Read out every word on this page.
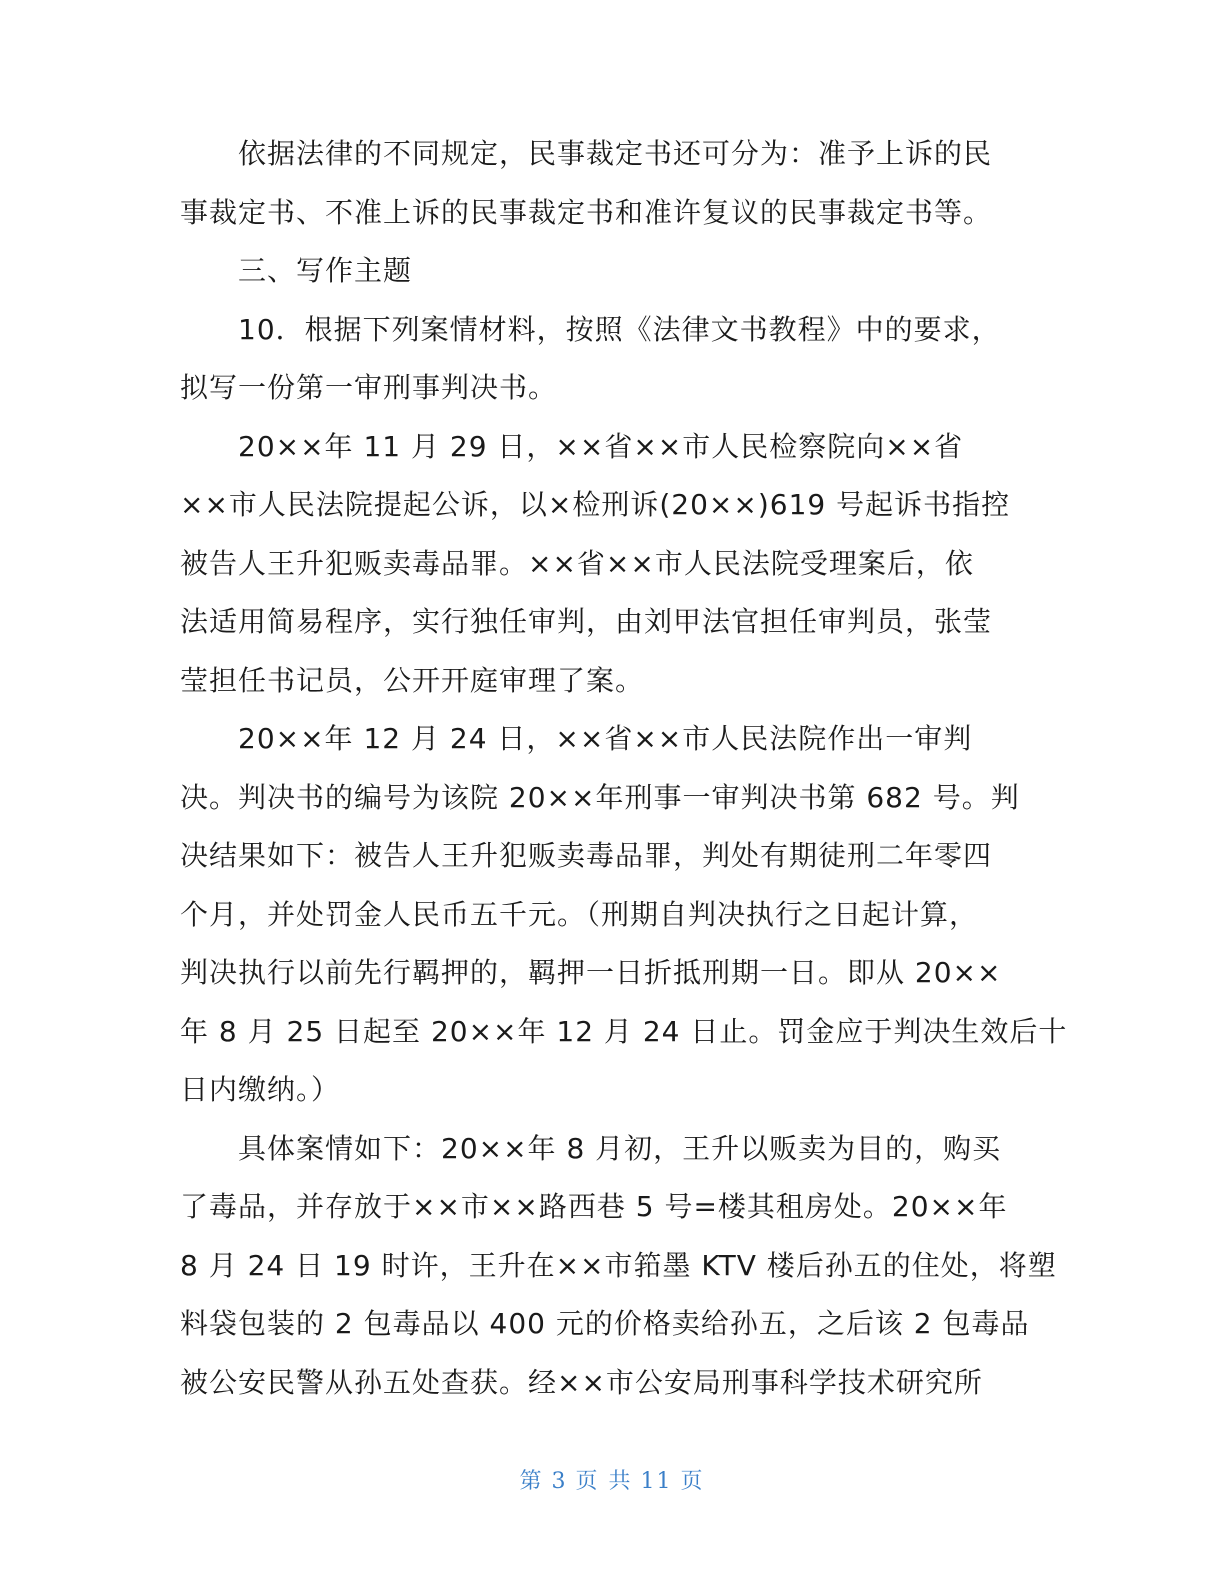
依据法律的不同规定，民事裁定书还可分为：准予上诉的民
事裁定书、不准上诉的民事裁定书和准许复议的民事裁定书等。

三、写作主题

10．根据下列案情材料，按照《法律文书教程》中的要求，
拟写一份第一审刑事判决书。

20××年 11 月 29 日，××省××市人民检察院向××省
××市人民法院提起公诉，以×检刑诉(20××)619 号起诉书指控
被告人王升犯贩卖毒品罪。××省××市人民法院受理案后，依
法适用简易程序，实行独任审判，由刘甲法官担任审判员，张莹
莹担任书记员，公开开庭审理了案。

20××年 12 月 24 日，××省××市人民法院作出一审判
决。判决书的编号为该院 20××年刑事一审判决书第 682 号。判
决结果如下：被告人王升犯贩卖毒品罪，判处有期徒刑二年零四
个月，并处罚金人民币五千元。（刑期自判决执行之日起计算，
判决执行以前先行羁押的，羁押一日折抵刑期一日。即从 20××
年 8 月 25 日起至 20××年 12 月 24 日止。罚金应于判决生效后十
日内缴纳。）

具体案情如下：20××年 8 月初，王升以贩卖为目的，购买
了毒品，并存放于××市××路西巷 5 号=楼其租房处。20××年
8 月 24 日 19 时许，王升在××市筘墨 KTV 楼后孙五的住处，将塑
料袋包装的 2 包毒品以 400 元的价格卖给孙五，之后该 2 包毒品
被公安民警从孙五处查获。经××市公安局刑事科学技术研究所

第 3 页 共 11 页
